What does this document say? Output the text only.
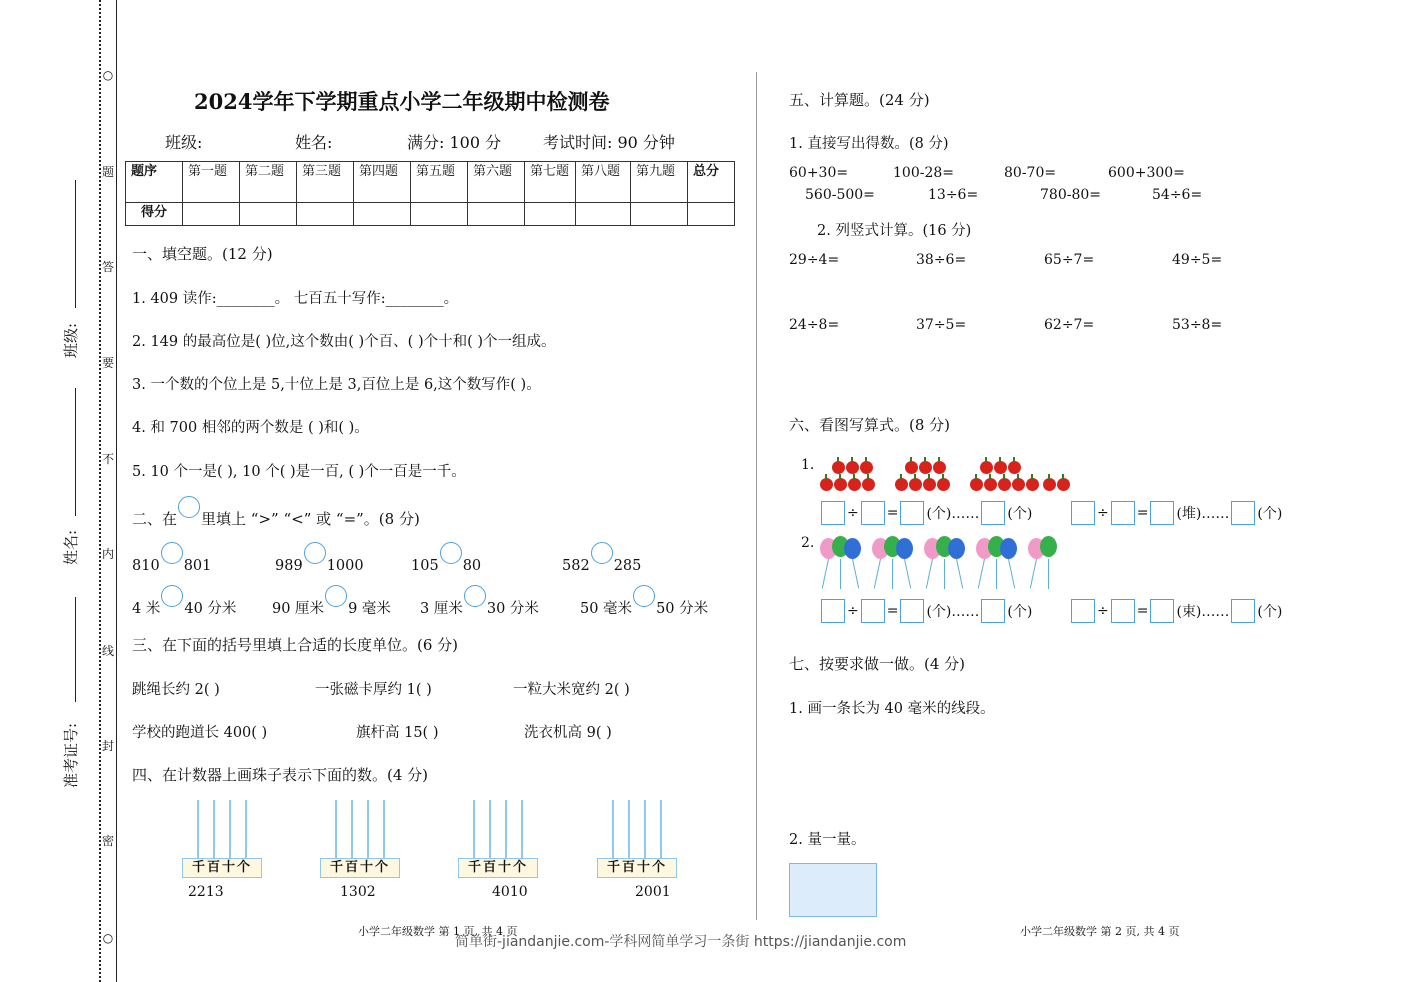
○
题
答
要
不
内
线
封
密
○
班级:
姓名:
准考证号:
2024学年下学期重点小学二年级期中检测卷
班级:	姓名:	满分: 100 分	考试时间: 90 分钟
题序	第一题	第二题	第三题	第四题	第五题	第六题	第七题	第八题	第九题	总分
得分										
一、填空题。(12 分)
1. 409 读作:________。 七百五十写作:________。
2. 149 的最高位是( )位,这个数由( )个百、( )个十和( )个一组成。
3. 一个数的个位上是 5,十位上是 3,百位上是 6,这个数写作( )。
4. 和 700 相邻的两个数是 ( )和( )。
5. 10 个一是( ), 10 个( )是一百, ( )个一百是一千。
二、在 里填上 “>” “<” 或 “=”。(8 分)
810 801	989 1000	105 80	582 285
4 米 40 分米 90 厘米 9 毫米 3 厘米 30 分米	50 毫米 50 分米
三、在下面的括号里填上合适的长度单位。(6 分)
跳绳长约 2( )	一张磁卡厚约 1( )	一粒大米宽约 2( )
学校的跑道长 400( )	旗杆高 15( )	洗衣机高 9( )
四、在计数器上画珠子表示下面的数。(4 分)
千百十个
2213
千百十个
1302
千百十个
4010
千百十个
2001
小学二年级数学 第 1 页, 共 4 页
五、计算题。(24 分)
1. 直接写出得数。(8 分)
60+30=	100-28=	80-70=	600+300=
560-500=	13÷6=	780-80=	54÷6=
2. 列竖式计算。(16 分)
29÷4=	38÷6=	65÷7=	49÷5=
24÷8=	37÷5=	62÷7=	53÷8=
六、看图写算式。(8 分)
1.
÷ = (个)…… (个)	÷ = (堆)…… (个)
2.
÷ = (个)…… (个)	÷ = (束)…… (个)
七、按要求做一做。(4 分)
1. 画一条长为 40 毫米的线段。
2. 量一量。
小学二年级数学 第 2 页, 共 4 页
简单街-jiandanjie.com-学科网简单学习一条街 https://jiandanjie.com
